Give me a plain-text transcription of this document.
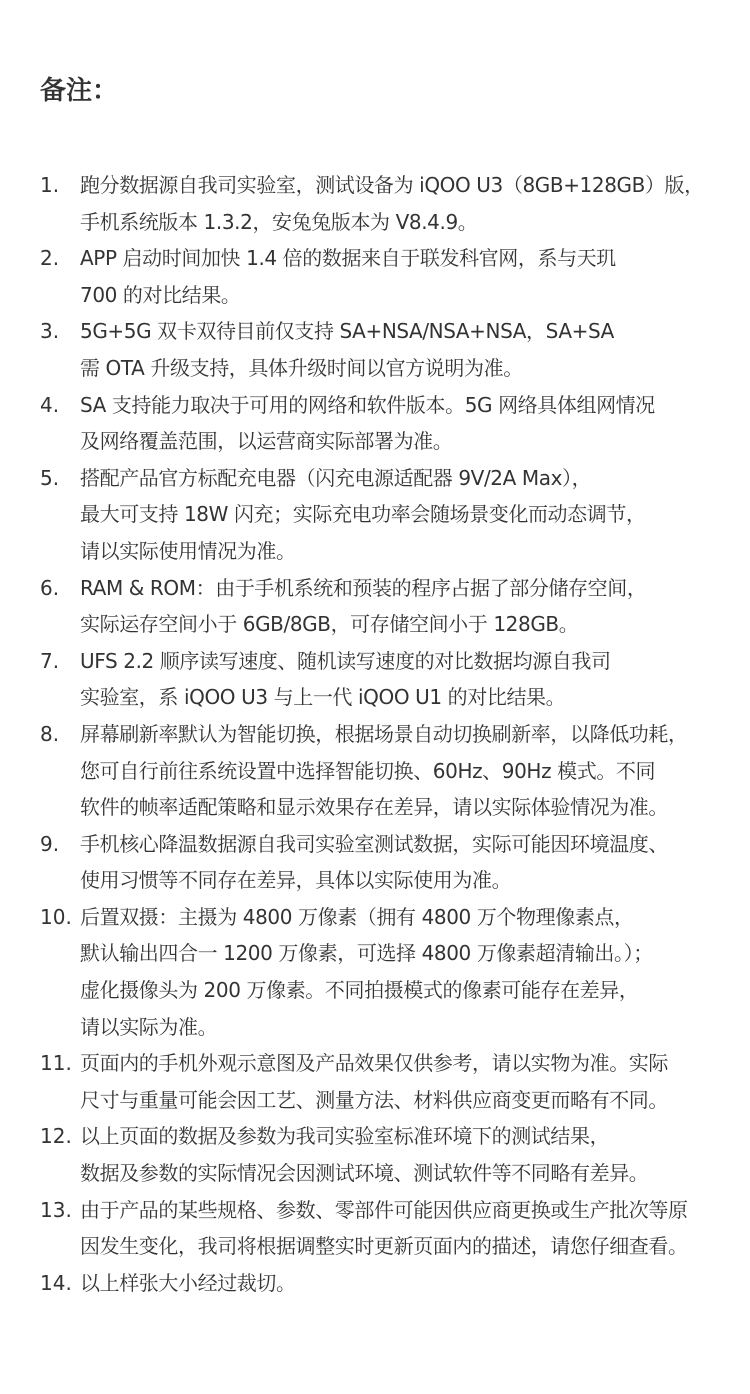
备注：
1.	跑分数据源自我司实验室，测试设备为 iQOO U3（8GB+128GB）版，
手机系统版本 1.3.2，安兔兔版本为 V8.4.9。
2.	APP 启动时间加快 1.4 倍的数据来自于联发科官网，系与天玑
700 的对比结果。
3.	5G+5G 双卡双待目前仅支持 SA+NSA/NSA+NSA，SA+SA
需 OTA 升级支持，具体升级时间以官方说明为准。
4.	SA 支持能力取决于可用的网络和软件版本。5G 网络具体组网情况
及网络覆盖范围，以运营商实际部署为准。
5.	搭配产品官方标配充电器（闪充电源适配器 9V/2A Max），
最大可支持 18W 闪充；实际充电功率会随场景变化而动态调节，
请以实际使用情况为准。
6.	RAM & ROM：由于手机系统和预装的程序占据了部分储存空间，
实际运存空间小于 6GB/8GB，可存储空间小于 128GB。
7.	UFS 2.2 顺序读写速度、随机读写速度的对比数据均源自我司
实验室，系 iQOO U3 与上一代 iQOO U1 的对比结果。
8.	屏幕刷新率默认为智能切换，根据场景自动切换刷新率，以降低功耗，
您可自行前往系统设置中选择智能切换、60Hz、90Hz 模式。不同
软件的帧率适配策略和显示效果存在差异，请以实际体验情况为准。
9.	手机核心降温数据源自我司实验室测试数据，实际可能因环境温度、
使用习惯等不同存在差异，具体以实际使用为准。
10. 后置双摄：主摄为 4800 万像素（拥有 4800 万个物理像素点，
默认输出四合一 1200 万像素，可选择 4800 万像素超清输出。）；
虚化摄像头为 200 万像素。不同拍摄模式的像素可能存在差异，
请以实际为准。
11. 页面内的手机外观示意图及产品效果仅供参考，请以实物为准。实际
尺寸与重量可能会因工艺、测量方法、材料供应商变更而略有不同。
12. 以上页面的数据及参数为我司实验室标准环境下的测试结果，
数据及参数的实际情况会因测试环境、测试软件等不同略有差异。
13. 由于产品的某些规格、参数、零部件可能因供应商更换或生产批次等原
因发生变化，我司将根据调整实时更新页面内的描述，请您仔细查看。
14. 以上样张大小经过裁切。
